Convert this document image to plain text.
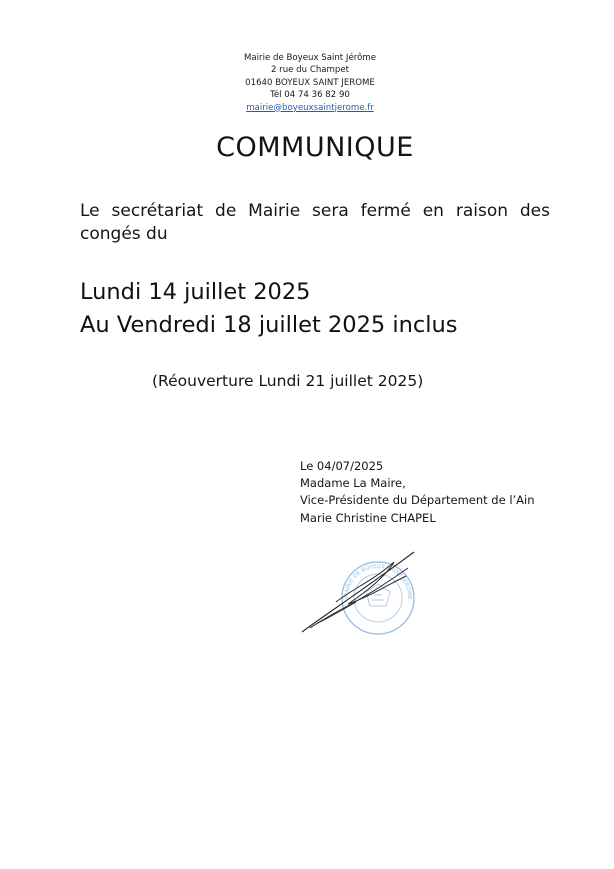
Mairie de Boyeux Saint Jérôme
2 rue du Champet
01640 BOYEUX SAINT JEROME
Tél 04 74 36 82 90
mairie@boyeuxsaintjerome.fr
COMMUNIQUE
Le secrétariat de Mairie sera fermé en raison des congés du
Lundi 14 juillet 2025
Au Vendredi 18 juillet 2025 inclus
(Réouverture Lundi 21 juillet 2025)
Le 04/07/2025
Madame La Maire,
Vice-Présidente du Département de l’Ain
Marie Christine CHAPEL
MAIRIE DE BOYEUX SAINT JEROME
